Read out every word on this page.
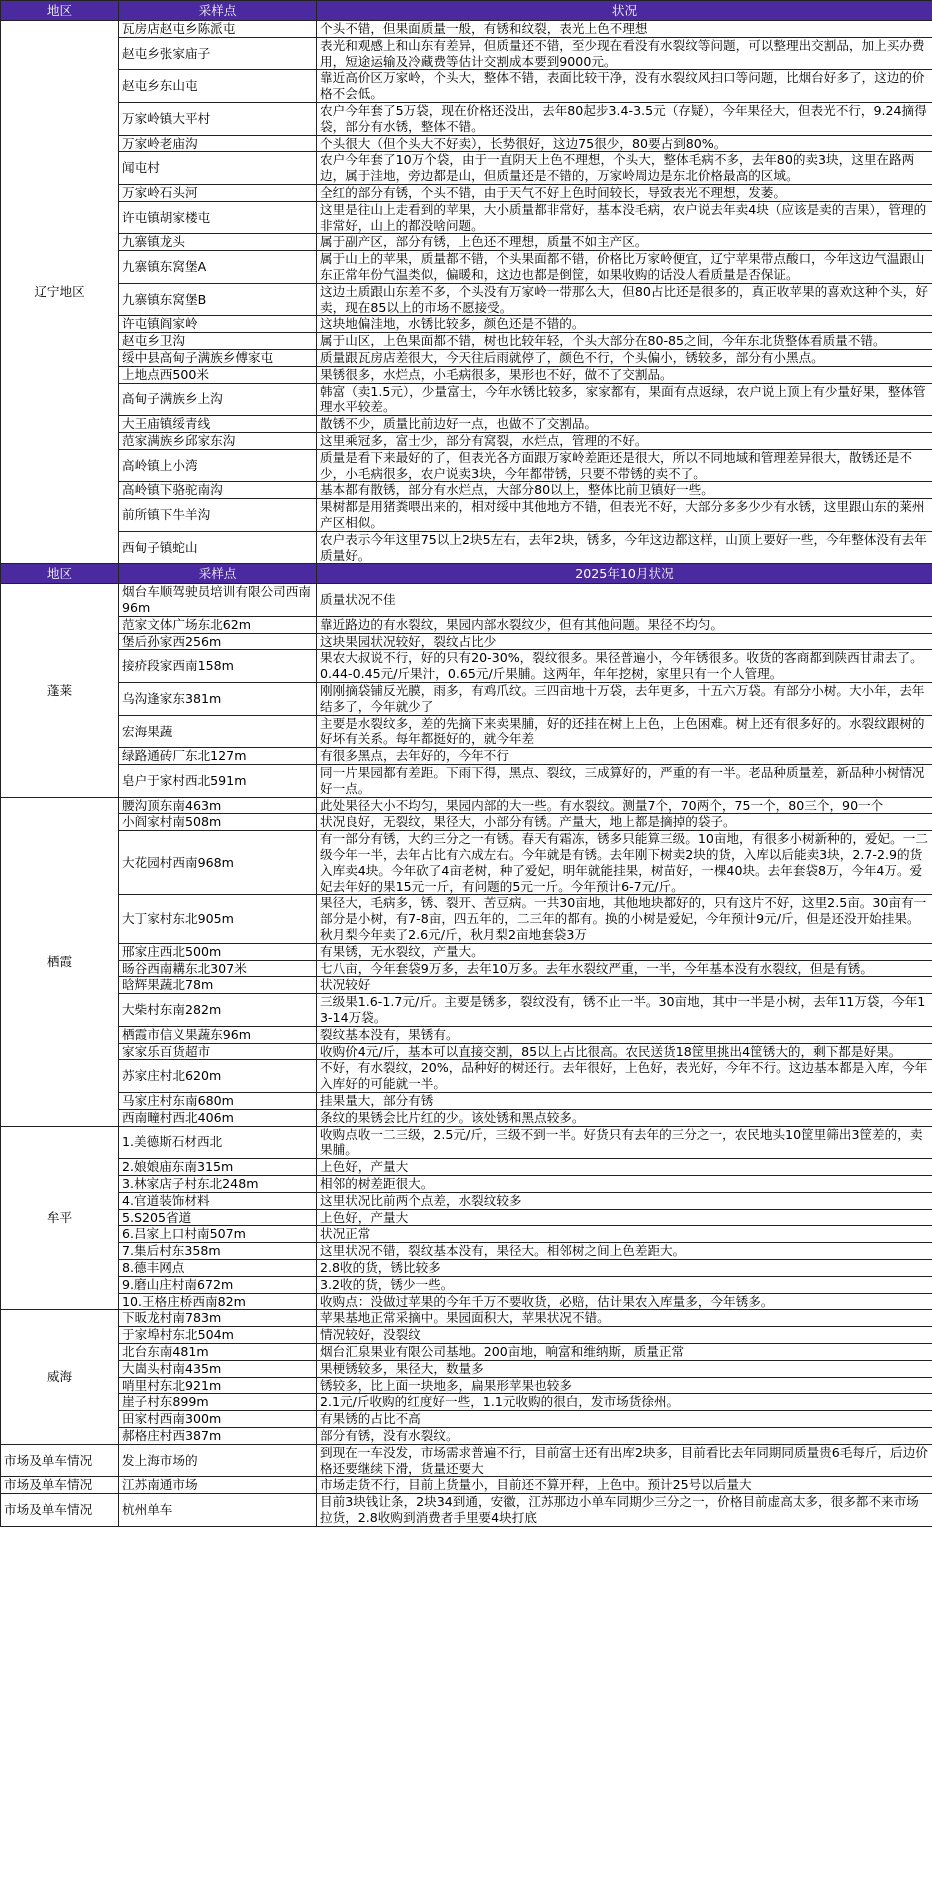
地区	采样点	状况
辽宁地区	瓦房店赵屯乡陈派屯	个头不错，但果面质量一般，有锈和纹裂，表光上色不理想
	赵屯乡张家庙子	表光和观感上和山东有差异，但质量还不错，至少现在看没有水裂纹等问题，可以整理出交割品，加上买办费用，短途运输及冷藏费等估计交割成本要到9000元。
	赵屯乡东山屯	靠近高价区万家岭，个头大，整体不错，表面比较干净，没有水裂纹风扫口等问题，比烟台好多了，这边的价格不会低。
	万家岭镇大平村	农户今年套了5万袋，现在价格还没出，去年80起步3.4-3.5元（存疑），今年果径大，但表光不行，9.24摘得袋，部分有水锈，整体不错。
	万家岭老庙沟	个头很大（但个头大不好卖），长势很好，这边75很少，80要占到80%。
	闻屯村	农户今年套了10万个袋，由于一直阴天上色不理想，个头大，整体毛病不多，去年80的卖3块，这里在路两边，属于洼地，旁边都是山，但质量还是不错的，万家岭周边是东北价格最高的区域。
	万家岭石头河	全红的部分有锈，个头不错，由于天气不好上色时间较长，导致表光不理想，发萎。
	许屯镇胡家楼屯	这里是往山上走看到的苹果，大小质量都非常好，基本没毛病，农户说去年卖4块（应该是卖的吉果），管理的非常好，山上的都没啥问题。
	九寨镇龙头	属于副产区，部分有锈，上色还不理想，质量不如主产区。
	九寨镇东窝堡A	属于山上的苹果，质量都不错，个头果面都不错，价格比万家岭便宜，辽宁苹果带点酸口，今年这边气温跟山东正常年份气温类似，偏暖和，这边也都是倒筐，如果收购的话没人看质量是否保证。
	九寨镇东窝堡B	这边土质跟山东差不多，个头没有万家岭一带那么大，但80占比还是很多的，真正收苹果的喜欢这种个头，好卖，现在85以上的市场不愿接受。
	许屯镇阎家岭	这块地偏洼地，水锈比较多，颜色还是不错的。
	赵屯乡卫沟	属于山区，上色果面都不错，树也比较年轻，个头大部分在80-85之间，今年东北货整体看质量不错。
	绥中县高甸子满族乡傅家屯	质量跟瓦房店差很大，今天往后雨就停了，颜色不行，个头偏小，锈较多，部分有小黑点。
	上地点西500米	果锈很多，水烂点，小毛病很多，果形也不好，做不了交割品。
	高甸子满族乡上沟	韩富（卖1.5元），少量富士，今年水锈比较多，家家都有，果面有点返绿，农户说上顶上有少量好果，整体管理水平较差。
	大王庙镇绥青线	散锈不少，质量比前边好一点，也做不了交割品。
	范家满族乡邱家东沟	这里乘冠多，富士少，部分有窝裂，水烂点，管理的不好。
	高岭镇上小湾	质量是看下来最好的了，但表光各方面跟万家岭差距还是很大，所以不同地域和管理差异很大，散锈还是不少，小毛病很多，农户说卖3块，今年都带锈，只要不带锈的卖不了。
	高岭镇下骆驼南沟	基本都有散锈，部分有水烂点，大部分80以上，整体比前卫镇好一些。
	前所镇下牛羊沟	果树都是用猪粪喂出来的，相对绥中其他地方不错，但表光不好，大部分多多少少有水锈，这里跟山东的莱州产区相似。
	西甸子镇蛇山	农户表示今年这里75以上2块5左右，去年2块，锈多，今年这边都这样，山顶上要好一些，今年整体没有去年质量好。
地区	采样点	2025年10月状况
蓬莱	烟台车顺驾驶员培训有限公司西南96m	质量状况不佳
	范家文体广场东北62m	靠近路边的有水裂纹，果园内部水裂纹少，但有其他问题。果径不均匀。
	堡后孙家西256m	这块果园状况较好，裂纹占比少
	接疥段家西南158m	果农大叔说不行，好的只有20-30%，裂纹很多。果径普遍小，今年锈很多。收货的客商都到陕西甘肃去了。0.44-0.45元/斤果汁，0.65元/斤果脯。这两年，年年挖树，家里只有一个人管理。
	乌沟逢家东381m	刚刚摘袋铺反光膜，雨多，有鸡爪纹。三四亩地十万袋，去年更多，十五六万袋。有部分小树。大小年，去年结多了，今年就少了
	宏海果蔬	主要是水裂纹多，差的先摘下来卖果脯，好的还挂在树上上色，上色困难。树上还有很多好的。水裂纹跟树的好坏有关系。每年都挺好的，就今年差
	绿路通砖厂东北127m	有很多黑点，去年好的，今年不行
	皂户于家村西北591m	同一片果园都有差距。下雨下得，黑点、裂纹，三成算好的，严重的有一半。老品种质量差，新品种小树情况好一点。
栖霞	腰沟顶东南463m	此处果径大小不均匀，果园内部的大一些。有水裂纹。测量7个，70两个，75一个，80三个，90一个
	小阎家村南508m	状况良好，无裂纹，果径大，小部分有锈。产量大，地上都是摘掉的袋子。
	大花园村西南968m	有一部分有锈，大约三分之一有锈。春天有霜冻，锈多只能算三级。10亩地，有很多小树新种的，爱妃。一二级今年一半，去年占比有六成左右。今年就是有锈。去年刚下树卖2块的货，入库以后能卖3块，2.7-2.9的货入库卖4块。今年砍了4亩老树，种了爱妃，明年就能挂果，树苗好，一棵40块。去年套袋8万，今年4万。爱妃去年好的果15元一斤，有问题的5元一斤。今年预计6-7元/斤。
	大丁家村东北905m	果径大，毛病多，锈、裂开、苦豆病。一共30亩地，其他地块都好的，只有这片不好，这里2.5亩。30亩有一部分是小树，有7-8亩，四五年的，二三年的都有。换的小树是爱妃，今年预计9元/斤，但是还没开始挂果。秋月梨今年卖了2.6元/斤，秋月梨2亩地套袋3万
	邢家庄西北500m	有果锈，无水裂纹，产量大。
	旸谷西南耩东北307米	七八亩，今年套袋9万多，去年10万多。去年水裂纹严重，一半，今年基本没有水裂纹，但是有锈。
	晗辉果蔬北78m	状况较好
	大柴村东南282m	三级果1.6-1.7元/斤。主要是锈多，裂纹没有，锈不止一半。30亩地，其中一半是小树，去年11万袋，今年13-14万袋。
	栖霞市信义果蔬东96m	裂纹基本没有，果锈有。
	家家乐百货超市	收购价4元/斤，基本可以直接交割，85以上占比很高。农民送货18筐里挑出4筐锈大的，剩下都是好果。
	苏家庄村北620m	不好，有水裂纹，20%，品种好的树还行。去年很好，上色好，表光好，今年不行。这边基本都是入库，今年入库好的可能就一半。
	马家庄村东南680m	挂果量大，部分有锈
	西南疃村西北406m	条纹的果锈会比片红的少。该处锈和黑点较多。
牟平	1.美德斯石材西北	收购点收一二三级，2.5元/斤，三级不到一半。好货只有去年的三分之一，农民地头10筐里筛出3筐差的，卖果脯。
	2.娘娘庙东南315m	上色好，产量大
	3.林家店子村东北248m	相邻的树差距很大。
	4.官道装饰材料	这里状况比前两个点差，水裂纹较多
	5.S205省道	上色好，产量大
	6.吕家上口村南507m	状况正常
	7.集后村东358m	这里状况不错，裂纹基本没有，果径大。相邻树之间上色差距大。
	8.德丰网点	2.8收的货，锈比较多
	9.磨山庄村南672m	3.2收的货，锈少一些。
	10.王格庄桥西南82m	收购点：没做过苹果的今年千万不要收货，必赔，估计果农入库量多，今年锈多。
威海	下昄龙村南783m	苹果基地正常采摘中。果园面积大，苹果状况不错。
	于家埠村东北504m	情况较好，没裂纹
	北台东南481m	烟台汇泉果业有限公司基地。200亩地，响富和维纳斯，质量正常
	大崮头村南435m	果梗锈较多，果径大，数量多
	哨里村东北921m	锈较多，比上面一块地多，扁果形苹果也较多
	崖子村东899m	2.1元/斤收购的红度好一些，1.1元收购的很白，发市场货徐州。
	田家村西南300m	有果锈的占比不高
	郝格庄村西387m	部分有锈，没有水裂纹。
市场及单车情况	发上海市场的	到现在一车没发，市场需求普遍不行，目前富士还有出库2块多，目前看比去年同期同质量贵6毛每斤，后边价格还要继续下滑，货量还要大
市场及单车情况	江苏南通市场	市场走货不行，目前上货量小，目前还不算开秤，上色中。预计25号以后量大
市场及单车情况	杭州单车	目前3块钱让条，2块34到通，安徽，江苏那边小单车同期少三分之一，价格目前虚高太多，很多都不来市场拉货，2.8收购到消费者手里要4块打底
